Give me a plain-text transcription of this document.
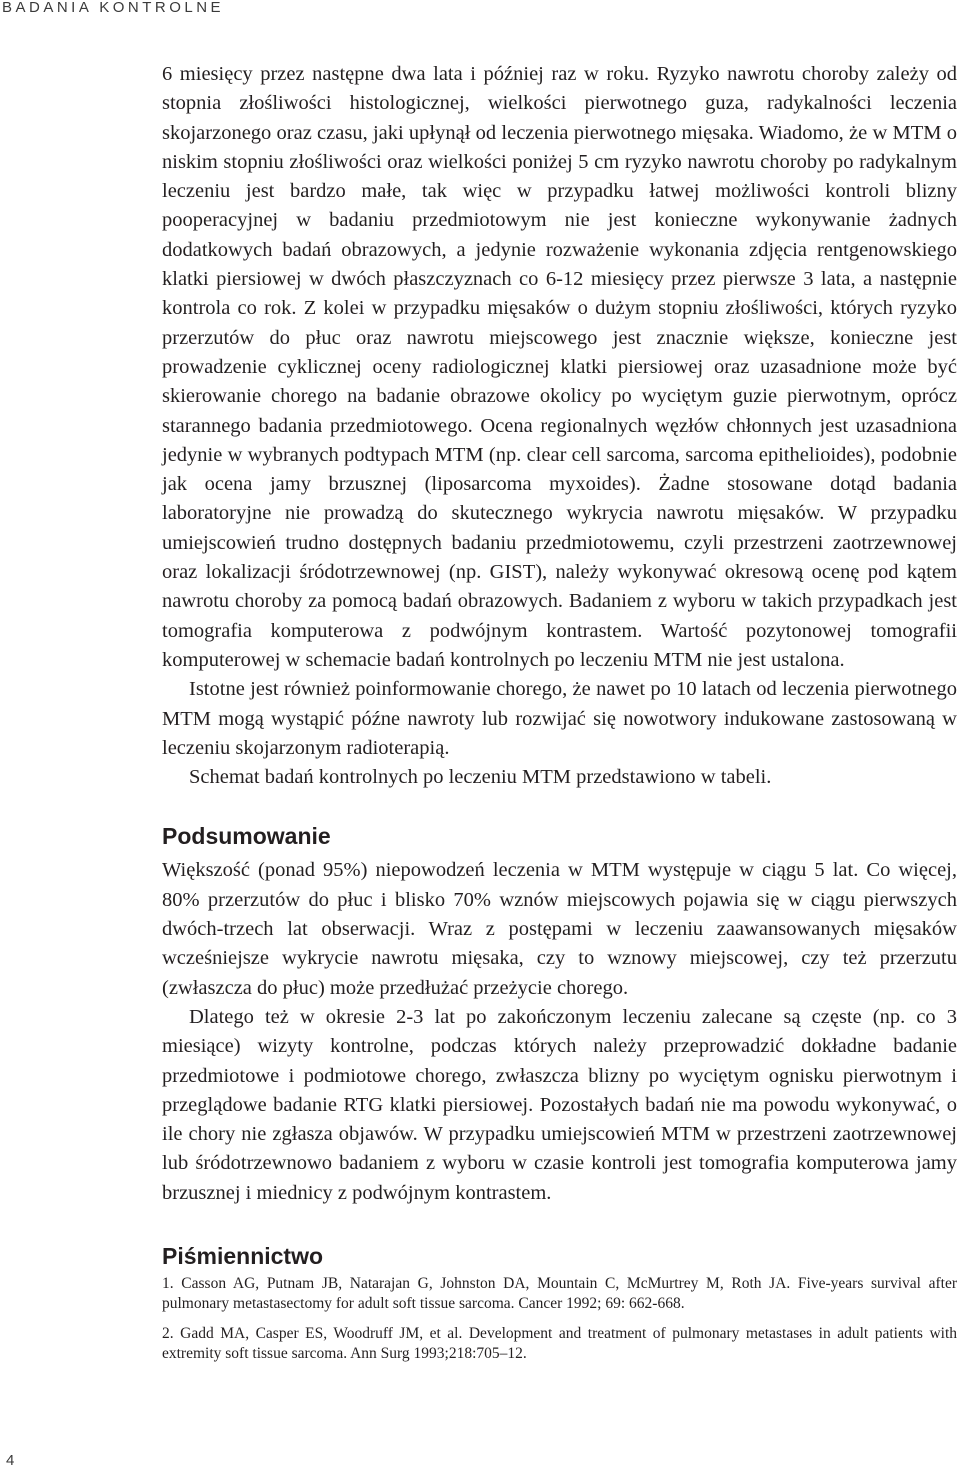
BADANIA KONTROLNE

6 miesięcy przez następne dwa lata i później raz w roku. Ryzyko nawrotu choroby zależy od stopnia złośliwości histologicznej, wielkości pierwotnego guza, radykalności leczenia skojarzonego oraz czasu, jaki upłynął od leczenia pierwotnego mięsaka. Wiadomo, że w MTM o niskim stopniu złośliwości oraz wielkości poniżej 5 cm ryzyko nawrotu choroby po radykalnym leczeniu jest bardzo małe, tak więc w przypadku łatwej możliwości kontroli blizny pooperacyjnej w badaniu przedmiotowym nie jest konieczne wykonywanie żadnych dodatkowych badań obrazowych, a jedynie rozważenie wykonania zdjęcia rentgenowskiego klatki piersiowej w dwóch płaszczyznach co 6-12 miesięcy przez pierwsze 3 lata, a następnie kontrola co rok. Z kolei w przypadku mięsaków o dużym stopniu złośliwości, których ryzyko przerzutów do płuc oraz nawrotu miejscowego jest znacznie większe, konieczne jest prowadzenie cyklicznej oceny radiologicznej klatki piersiowej oraz uzasadnione może być skierowanie chorego na badanie obrazowe okolicy po wyciętym guzie pierwotnym, oprócz starannego badania przedmiotowego. Ocena regionalnych węzłów chłonnych jest uzasadniona jedynie w wybranych podtypach MTM (np. clear cell sarcoma, sarcoma epithelioides), podobnie jak ocena jamy brzusznej (liposarcoma myxoides). Żadne stosowane dotąd badania laboratoryjne nie prowadzą do skutecznego wykrycia nawrotu mięsaków. W przypadku umiejscowień trudno dostępnych badaniu przedmiotowemu, czyli przestrzeni zaotrzewnowej oraz lokalizacji śródotrzewnowej (np. GIST), należy wykonywać okresową ocenę pod kątem nawrotu choroby za pomocą badań obrazowych. Badaniem z wyboru w takich przypadkach jest tomografia komputerowa z podwójnym kontrastem. Wartość pozytonowej tomografii komputerowej w schemacie badań kontrolnych po leczeniu MTM nie jest ustalona.

Istotne jest również poinformowanie chorego, że nawet po 10 latach od leczenia pierwotnego MTM mogą wystąpić późne nawroty lub rozwijać się nowotwory indukowane zastosowaną w leczeniu skojarzonym radioterapią.

Schemat badań kontrolnych po leczeniu MTM przedstawiono w tabeli.

Podsumowanie

Większość (ponad 95%) niepowodzeń leczenia w MTM występuje w ciągu 5 lat. Co więcej, 80% przerzutów do płuc i blisko 70% wznów miejscowych pojawia się w ciągu pierwszych dwóch-trzech lat obserwacji. Wraz z postępami w leczeniu zaawansowanych mięsaków wcześniejsze wykrycie nawrotu mięsaka, czy to wznowy miejscowej, czy też przerzutu (zwłaszcza do płuc) może przedłużać przeżycie chorego.

Dlatego też w okresie 2-3 lat po zakończonym leczeniu zalecane są częste (np. co 3 miesiące) wizyty kontrolne, podczas których należy przeprowadzić dokładne badanie przedmiotowe i podmiotowe chorego, zwłaszcza blizny po wyciętym ognisku pierwotnym i przeglądowe badanie RTG klatki piersiowej. Pozostałych badań nie ma powodu wykonywać, o ile chory nie zgłasza objawów. W przypadku umiejscowień MTM w przestrzeni zaotrzewnowej lub śródotrzewnowo badaniem z wyboru w czasie kontroli jest tomografia komputerowa jamy brzusznej i miednicy z podwójnym kontrastem.

Piśmiennictwo
1. Casson AG, Putnam JB, Natarajan G, Johnston DA, Mountain C, McMurtrey M, Roth JA. Five-years survival after pulmonary metastasectomy for adult soft tissue sarcoma. Cancer 1992; 69: 662-668.
2. Gadd MA, Casper ES, Woodruff JM, et al. Development and treatment of pulmonary metastases in adult patients with extremity soft tissue sarcoma. Ann Surg 1993;218:705–12.
4
